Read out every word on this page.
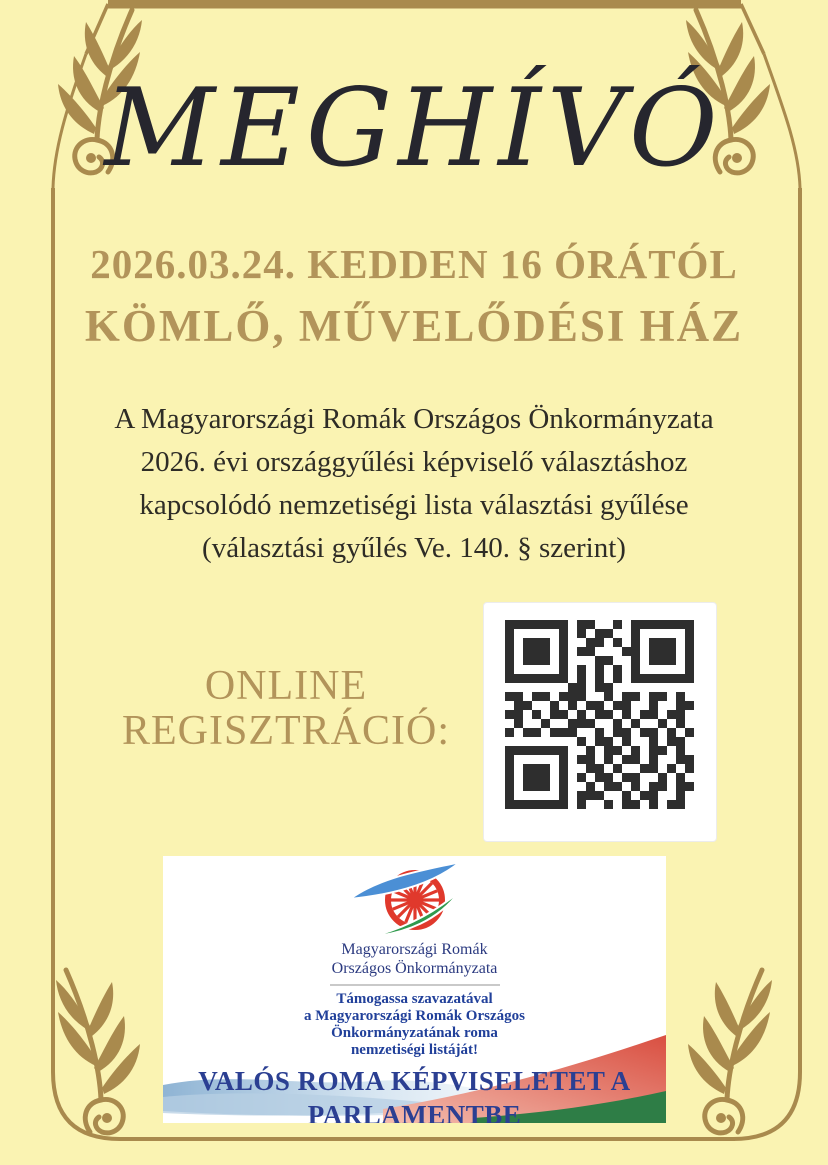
MEGHÍVÓ
2026.03.24. KEDDEN 16 ÓRÁTÓL
KÖMLŐ, MŰVELŐDÉSI HÁZ
A Magyarországi Romák Országos Önkormányzata
2026. évi országgyűlési képviselő választáshoz
kapcsolódó nemzetiségi lista választási gyűlése
(választási gyűlés Ve. 140. § szerint)
ONLINE
REGISZTRÁCIÓ:
Magyarországi Romák
Országos Önkormányzata
Támogassa szavazatával
a Magyarországi Romák Országos
Önkormányzatának roma
nemzetiségi listáját!
VALÓS ROMA KÉPVISELETET A
PARLAMENTBE
